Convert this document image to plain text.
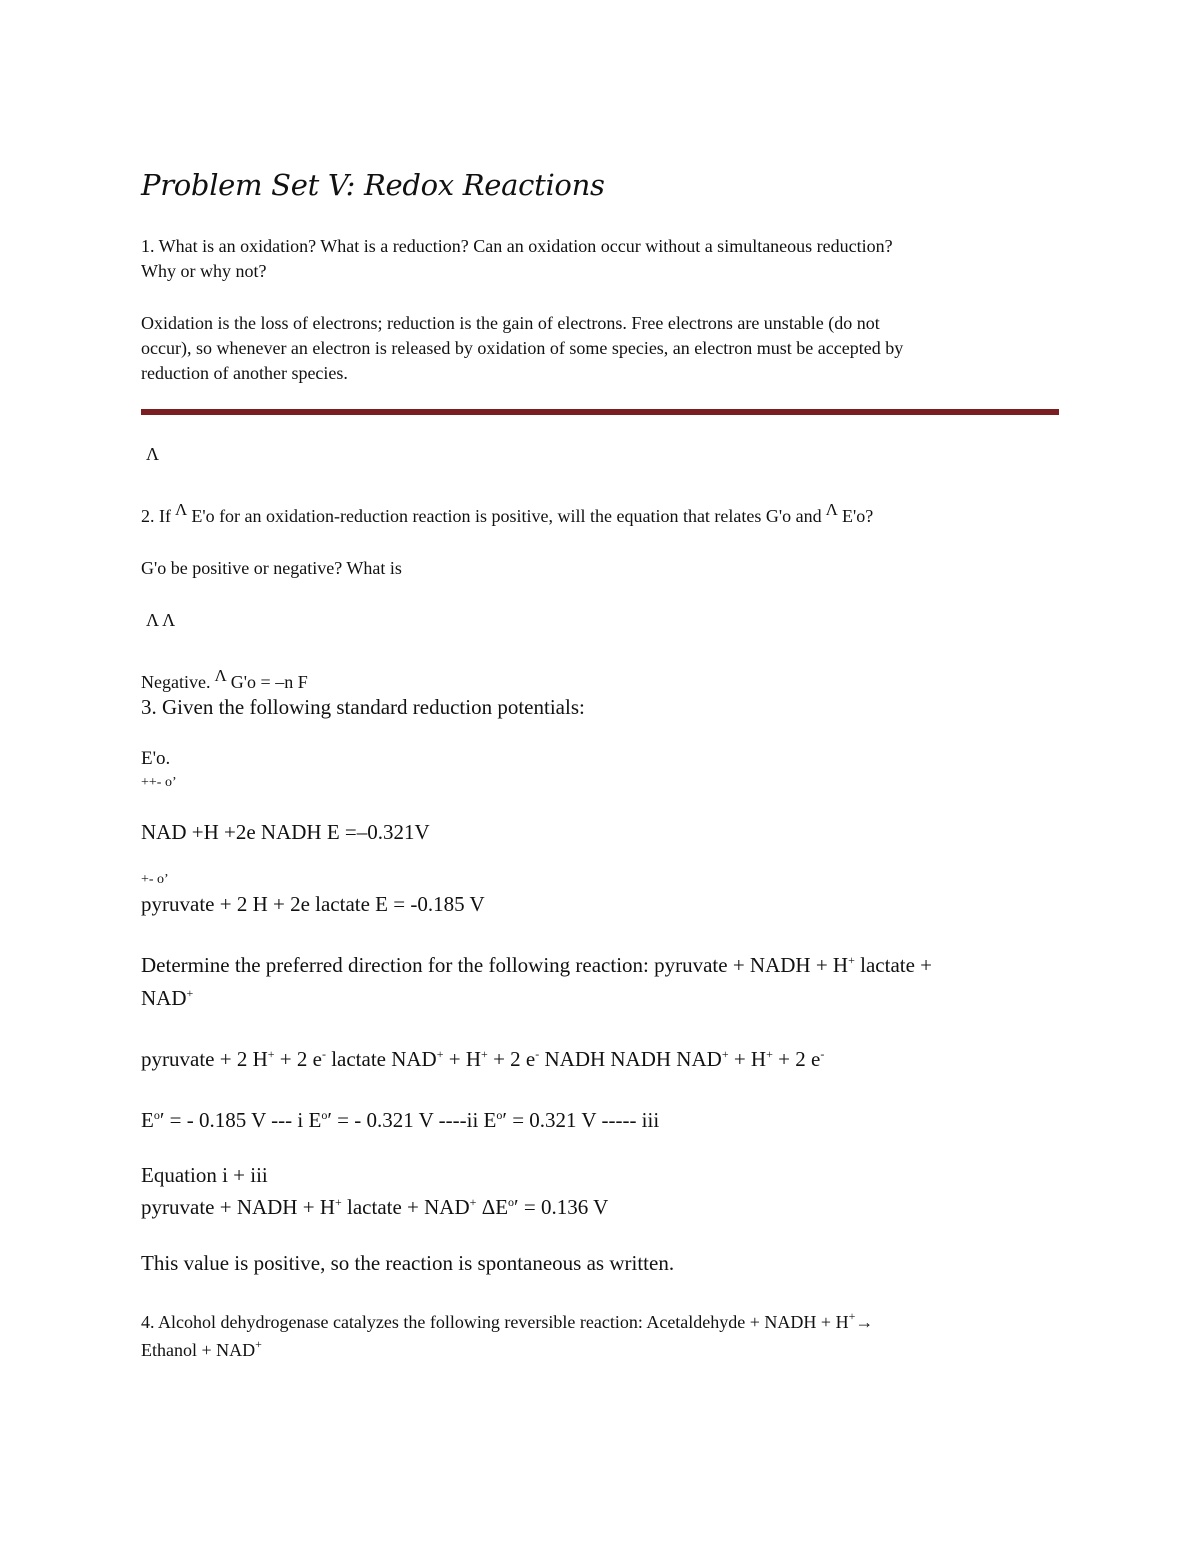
Problem Set V: Redox Reactions
1. What is an oxidation? What is a reduction? Can an oxidation occur without a simultaneous reduction?
Why or why not?
Oxidation is the loss of electrons; reduction is the gain of electrons. Free electrons are unstable (do not
occur), so whenever an electron is released by oxidation of some species, an electron must be accepted by
reduction of another species.
Λ
2. If Λ E'o for an oxidation-reduction reaction is positive, will the equation that relates G'o and Λ E'o?
G'o be positive or negative? What is
Λ Λ
Negative. Λ G'o = –n F
3. Given the following standard reduction potentials:
E'o.
++- o’
NAD +H +2e NADH E =–0.321V
+- o’
pyruvate + 2 H + 2e lactate E = -0.185 V
Determine the preferred direction for the following reaction: pyruvate + NADH + H+ lactate +
NAD+
pyruvate + 2 H+ + 2 e- lactate NAD+ + H+ + 2 e- NADH NADH NAD+ + H+ + 2 e-
$E^o'$ = - 0.185 V --- i $E^o'$ = - 0.321 V ----ii $E^o' = 0.321$ V ----- iii
Equation i + iii
pyruvate + NADH + H+ lactate + NAD+ $\Delta E^o' = 0.136$ V
This value is positive, so the reaction is spontaneous as written.
4. Alcohol dehydrogenase catalyzes the following reversible reaction: Acetaldehyde + NADH + H+→
Ethanol + NAD+
